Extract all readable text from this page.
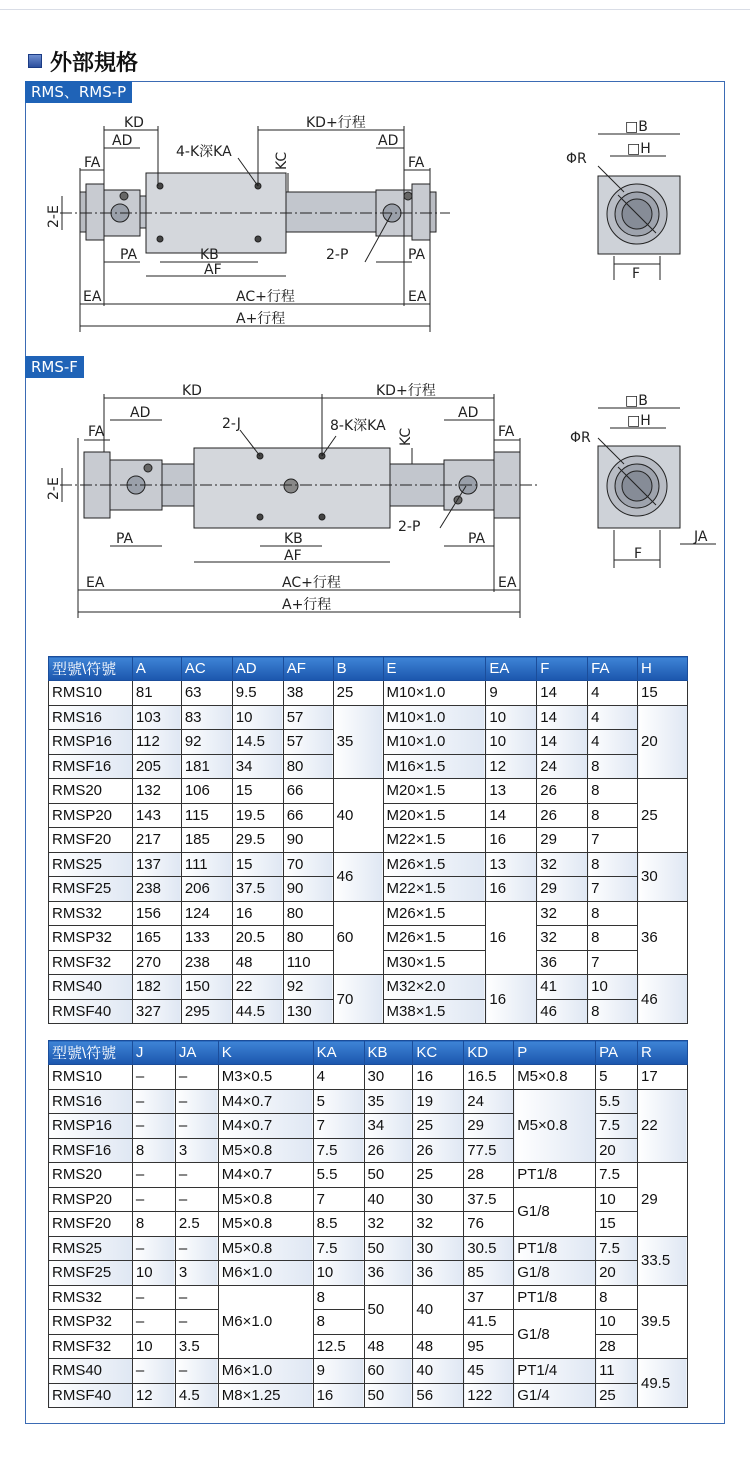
外部規格
RMS、RMS-P
RMS-F
KD
AD
KD+行程
AD
4-K深KA	KC
FA	FA
2-E
PA	KB
AF
2-P	PA
EA	AC+行程	EA
A+行程
□B
□H
ΦR
F
KD	KD+行程
AD	AD
2-J	8-K深KA
KC
FA	FA
2-E
PA	KB
AF
2-P
PA
EA	AC+行程	EA
A+行程
□B
□H
ΦR
F
JA
型號\符號	A	AC	AD	AF	B	E	EA	F	FA	H
RMS10	81	63	9.5	38	25	M10×1.0	9	14	4	15
RMS16	103	83	10	57	35	M10×1.0	10	14	4	20
RMSP16	112	92	14.5	57		M10×1.0	10	14	4	
RMSF16	205	181	34	80		M16×1.5	12	24	8	
RMS20	132	106	15	66	40	M20×1.5	13	26	8	25
RMSP20	143	115	19.5	66		M20×1.5	14	26	8	
RMSF20	217	185	29.5	90		M22×1.5	16	29	7	
RMS25	137	111	15	70	46	M26×1.5	13	32	8	30
RMSF25	238	206	37.5	90		M22×1.5	16	29	7	
RMS32	156	124	16	80	60	M26×1.5	16	32	8	36
RMSP32	165	133	20.5	80		M26×1.5		32	8	
RMSF32	270	238	48	110		M30×1.5		36	7	
RMS40	182	150	22	92	70	M32×2.0	16	41	10	46
RMSF40	327	295	44.5	130		M38×1.5		46	8	
型號\符號	J	JA	K	KA	KB	KC	KD	P	PA	R
RMS10	–	–	M3×0.5	4	30	16	16.5	M5×0.8	5	17
RMS16	–	–	M4×0.7	5	35	19	24	M5×0.8	5.5	22
RMSP16	–	–	M4×0.7	7	34	25	29		7.5	
RMSF16	8	3	M5×0.8	7.5	26	26	77.5		20	
RMS20	–	–	M4×0.7	5.5	50	25	28	PT1/8	7.5	29
RMSP20	–	–	M5×0.8	7	40	30	37.5	G1/8	10	
RMSF20	8	2.5	M5×0.8	8.5	32	32	76		15	
RMS25	–	–	M5×0.8	7.5	50	30	30.5	PT1/8	7.5	33.5
RMSF25	10	3	M6×1.0	10	36	36	85	G1/8	20	
RMS32	–	–	M6×1.0	8	50	40	37	PT1/8	8	39.5
RMSP32	–	–		8			41.5	G1/8	10	
RMSF32	10	3.5		12.5	48	48	95		28	
RMS40	–	–	M6×1.0	9	60	40	45	PT1/4	11	49.5
RMSF40	12	4.5	M8×1.25	16	50	56	122	G1/4	25	
